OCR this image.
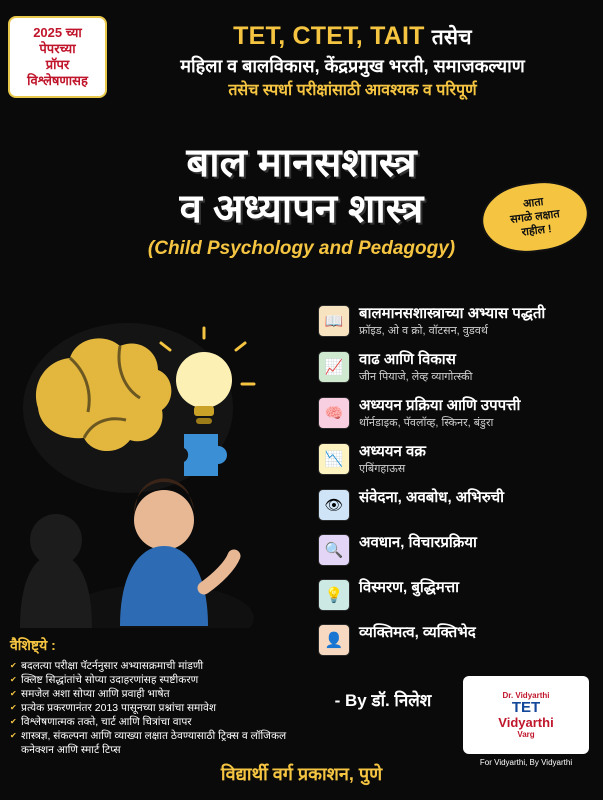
2025 च्या
पेपरच्या
प्रॉपर
विश्लेषणासह
TET, CTET, TAIT तसेच
महिला व बालविकास, केंद्रप्रमुख भरती, समाजकल्याण
तसेच स्पर्धा परीक्षांसाठी आवश्यक व परिपूर्ण
बाल मानसशास्त्र
व अध्यापन शास्त्र
(Child Psychology and Pedagogy)
आता
सगळे लक्षात
राहील !
📖	बालमानसशास्त्राच्या अभ्यास पद्धती
फ्रॉइड, ओ व क्रो, वॉटसन, वुडवर्थ
📈	वाढ आणि विकास
जीन पियाजे, लेव्ह व्यागोत्स्की
🧠	अध्ययन प्रक्रिया आणि उपपत्ती
थॉर्नडाइक, पॅवलॉव्ह, स्किनर, बंडुरा
📉	अध्ययन वक्र
एबिंगहाऊस
👁	संवेदना, अवबोध, अभिरुची
🔍	अवधान, विचारप्रक्रिया
💡	विस्मरण, बुद्धिमत्ता
👤	व्यक्तिमत्व, व्यक्तिभेद
वैशिष्ट्ये :
✔ बदलत्या परीक्षा पॅटर्ननुसार अभ्यासक्रमाची मांडणी
✔ क्लिष्ट सिद्धांतांचे सोप्या उदाहरणांसह स्पष्टीकरण
✔ समजेल अशा सोप्या आणि प्रवाही भाषेत
✔ प्रत्येक प्रकरणानंतर 2013 पासूनच्या प्रश्नांचा समावेश
✔ विश्लेषणात्मक तक्ते, चार्ट आणि चित्रांचा वापर
✔ शास्त्रज्ञ, संकल्पना आणि व्याख्या लक्षात ठेवण्यासाठी ट्रिक्स व लॉजिकल कनेक्शन आणि स्मार्ट टिप्स
- By डॉ. निलेश	Dr. Vidyarthi
TET
Vidyarthi
Varg
For Vidyarthi, By Vidyarthi
विद्यार्थी वर्ग प्रकाशन, पुणे
